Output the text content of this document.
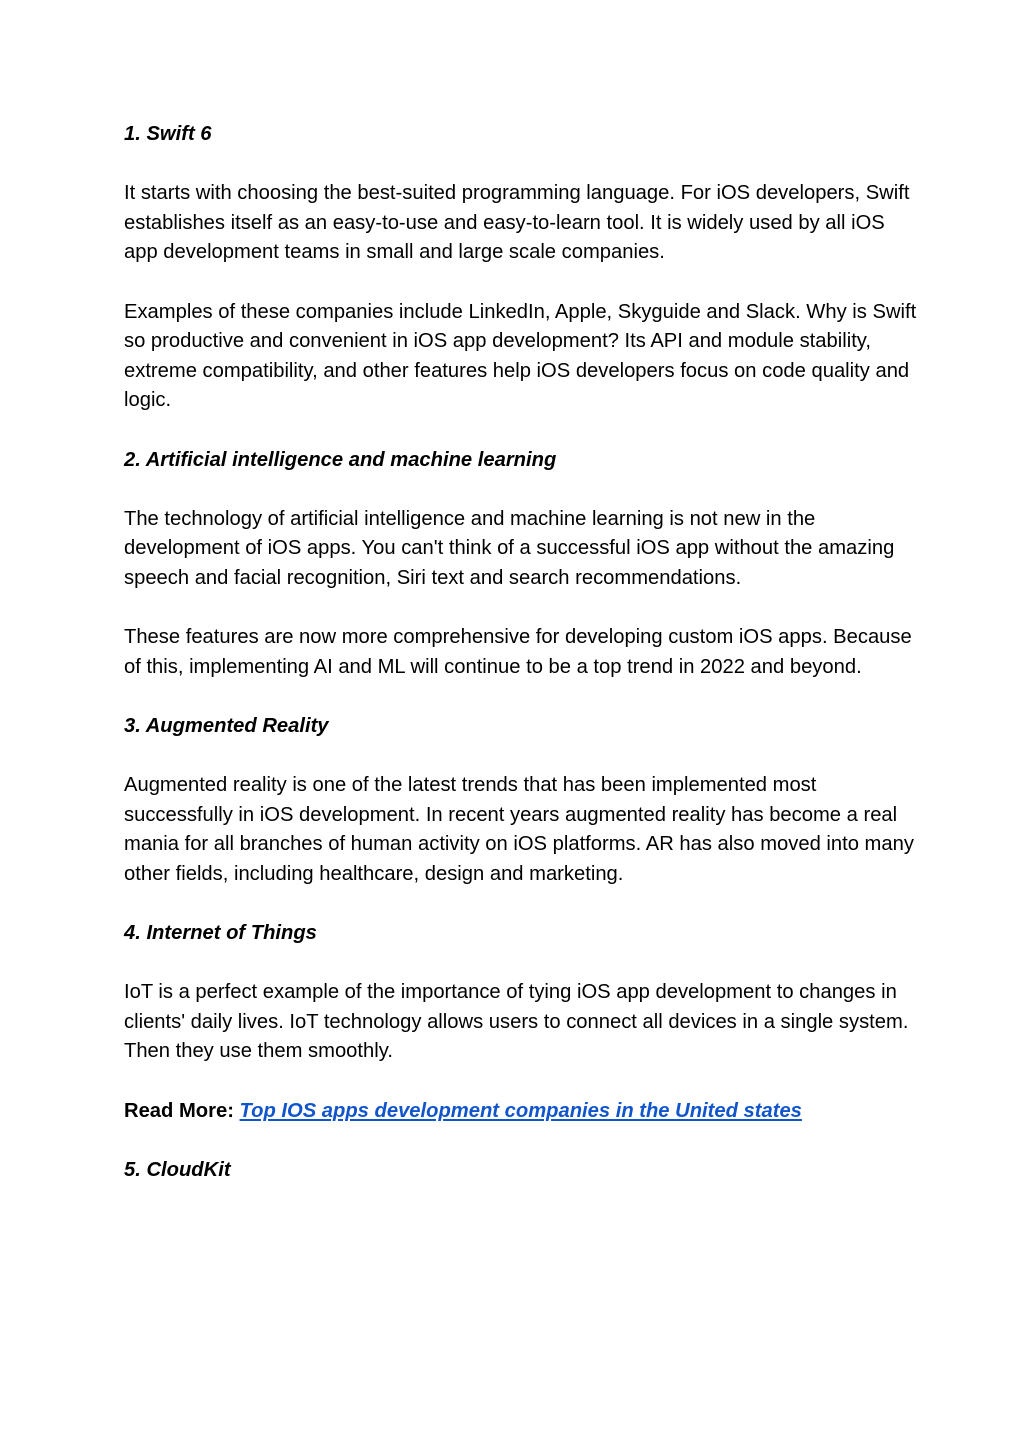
1. Swift 6

It starts with choosing the best-suited programming language. For iOS developers, Swift establishes itself as an easy-to-use and easy-to-learn tool. It is widely used by all iOS app development teams in small and large scale companies.

Examples of these companies include LinkedIn, Apple, Skyguide and Slack. Why is Swift so productive and convenient in iOS app development? Its API and module stability, extreme compatibility, and other features help iOS developers focus on code quality and logic.

2. Artificial intelligence and machine learning

The technology of artificial intelligence and machine learning is not new in the development of iOS apps. You can't think of a successful iOS app without the amazing speech and facial recognition, Siri text and search recommendations.

These features are now more comprehensive for developing custom iOS apps. Because of this, implementing AI and ML will continue to be a top trend in 2022 and beyond.

3. Augmented Reality

Augmented reality is one of the latest trends that has been implemented most successfully in iOS development. In recent years augmented reality has become a real mania for all branches of human activity on iOS platforms. AR has also moved into many other fields, including healthcare, design and marketing.

4. Internet of Things

IoT is a perfect example of the importance of tying iOS app development to changes in clients' daily lives. IoT technology allows users to connect all devices in a single system. Then they use them smoothly.

Read More: Top IOS apps development companies in the United states

5. CloudKit
